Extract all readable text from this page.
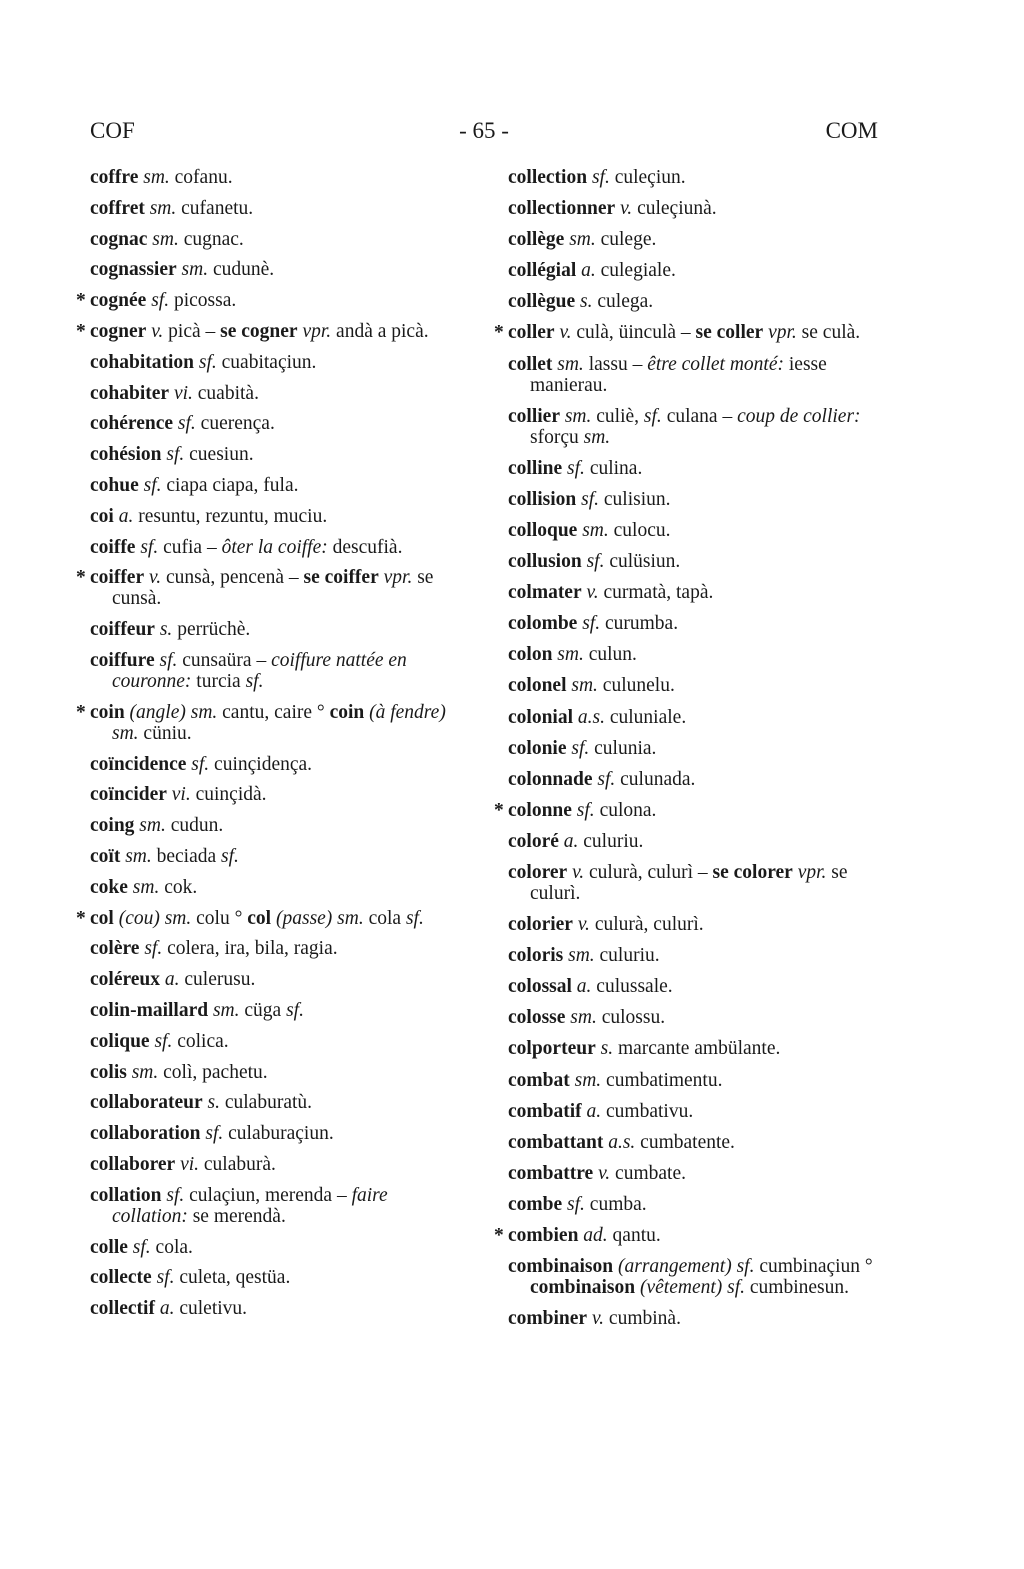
COF	- 65 -	COM
coffre sm. cofanu.
coffret sm. cufanetu.
cognac sm. cugnac.
cognassier sm. cudunè.
* cognée sf. picossa.
* cogner v. picà – se cogner vpr. andà a picà.
cohabitation sf. cuabitaçiun.
cohabiter vi. cuabità.
cohérence sf. cuerença.
cohésion sf. cuesiun.
cohue sf. ciapa ciapa, fula.
coi a. resuntu, rezuntu, muciu.
coiffe sf. cufia – ôter la coiffe: descufià.
* coiffer v. cunsà, pencenà – se coiffer vpr. se cunsà.
coiffeur s. perrüchè.
coiffure sf. cunsaüra – coiffure nattée en couronne: turcia sf.
* coin (angle) sm. cantu, caire ° coin (à fendre) sm. cüniu.
coïncidence sf. cuinçidença.
coïncider vi. cuinçidà.
coing sm. cudun.
coït sm. beciada sf.
coke sm. cok.
* col (cou) sm. colu ° col (passe) sm. cola sf.
colère sf. colera, ira, bila, ragia.
coléreux a. culerusu.
colin-maillard sm. cüga sf.
colique sf. colica.
colis sm. colì, pachetu.
collaborateur s. culaburatù.
collaboration sf. culaburaçiun.
collaborer vi. culaburà.
collation sf. culaçiun, merenda – faire collation: se merendà.
colle sf. cola.
collecte sf. culeta, qestüa.
collectif a. culetivu.
collection sf. culeçiun.
collectionner v. culeçiunà.
collège sm. culege.
collégial a. culegiale.
collègue s. culega.
* coller v. culà, üinculà – se coller vpr. se culà.
collet sm. lassu – être collet monté: iesse manierau.
collier sm. culiè, sf. culana – coup de collier: sforçu sm.
colline sf. culina.
collision sf. culisiun.
colloque sm. culocu.
collusion sf. culüsiun.
colmater v. curmatà, tapà.
colombe sf. curumba.
colon sm. culun.
colonel sm. culunelu.
colonial a.s. culuniale.
colonie sf. culunia.
colonnade sf. culunada.
* colonne sf. culona.
coloré a. culuriu.
colorer v. culurà, culurì – se colorer vpr. se culurì.
colorier v. culurà, culurì.
coloris sm. culuriu.
colossal a. culussale.
colosse sm. culossu.
colporteur s. marcante ambülante.
combat sm. cumbatimentu.
combatif a. cumbativu.
combattant a.s. cumbatente.
combattre v. cumbate.
combe sf. cumba.
* combien ad. qantu.
combinaison (arrangement) sf. cumbinaçiun ° combinaison (vêtement) sf. cumbinesun.
combiner v. cumbinà.
